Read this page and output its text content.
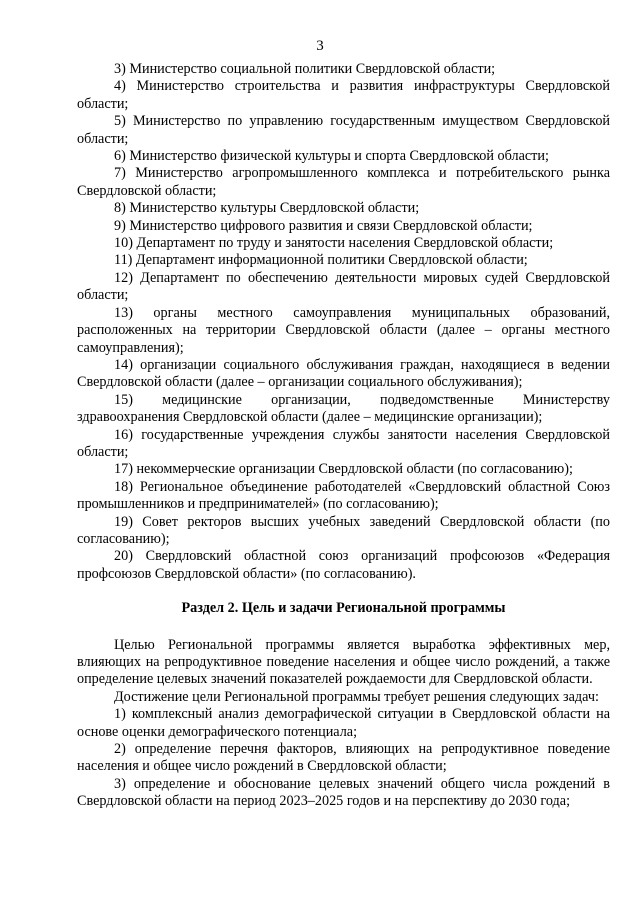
3

3) Министерство социальной политики Свердловской области;

4) Министерство строительства и развития инфраструктуры Свердловской области;

5) Министерство по управлению государственным имуществом Свердловской области;

6) Министерство физической культуры и спорта Свердловской области;

7) Министерство агропромышленного комплекса и потребительского рынка Свердловской области;

8) Министерство культуры Свердловской области;

9) Министерство цифрового развития и связи Свердловской области;

10) Департамент по труду и занятости населения Свердловской области;

11) Департамент информационной политики Свердловской области;

12) Департамент по обеспечению деятельности мировых судей Свердловской области;

13) органы местного самоуправления муниципальных образований, расположенных на территории Свердловской области (далее – органы местного самоуправления);

14) организации социального обслуживания граждан, находящиеся в ведении Свердловской области (далее – организации социального обслуживания);

15) медицинские организации, подведомственные Министерству здравоохранения Свердловской области (далее – медицинские организации);

16) государственные учреждения службы занятости населения Свердловской области;

17) некоммерческие организации Свердловской области (по согласованию);

18) Региональное объединение работодателей «Свердловский областной Союз промышленников и предпринимателей» (по согласованию);

19) Совет ректоров высших учебных заведений Свердловской области (по согласованию);

20) Свердловский областной союз организаций профсоюзов «Федерация профсоюзов Свердловской области» (по согласованию).

Раздел 2. Цель и задачи Региональной программы

Целью Региональной программы является выработка эффективных мер, влияющих на репродуктивное поведение населения и общее число рождений, а также определение целевых значений показателей рождаемости для Свердловской области.

Достижение цели Региональной программы требует решения следующих задач:

1) комплексный анализ демографической ситуации в Свердловской области на основе оценки демографического потенциала;

2) определение перечня факторов, влияющих на репродуктивное поведение населения и общее число рождений в Свердловской области;

3) определение и обоснование целевых значений общего числа рождений в Свердловской области на период 2023–2025 годов и на перспективу до 2030 года;
